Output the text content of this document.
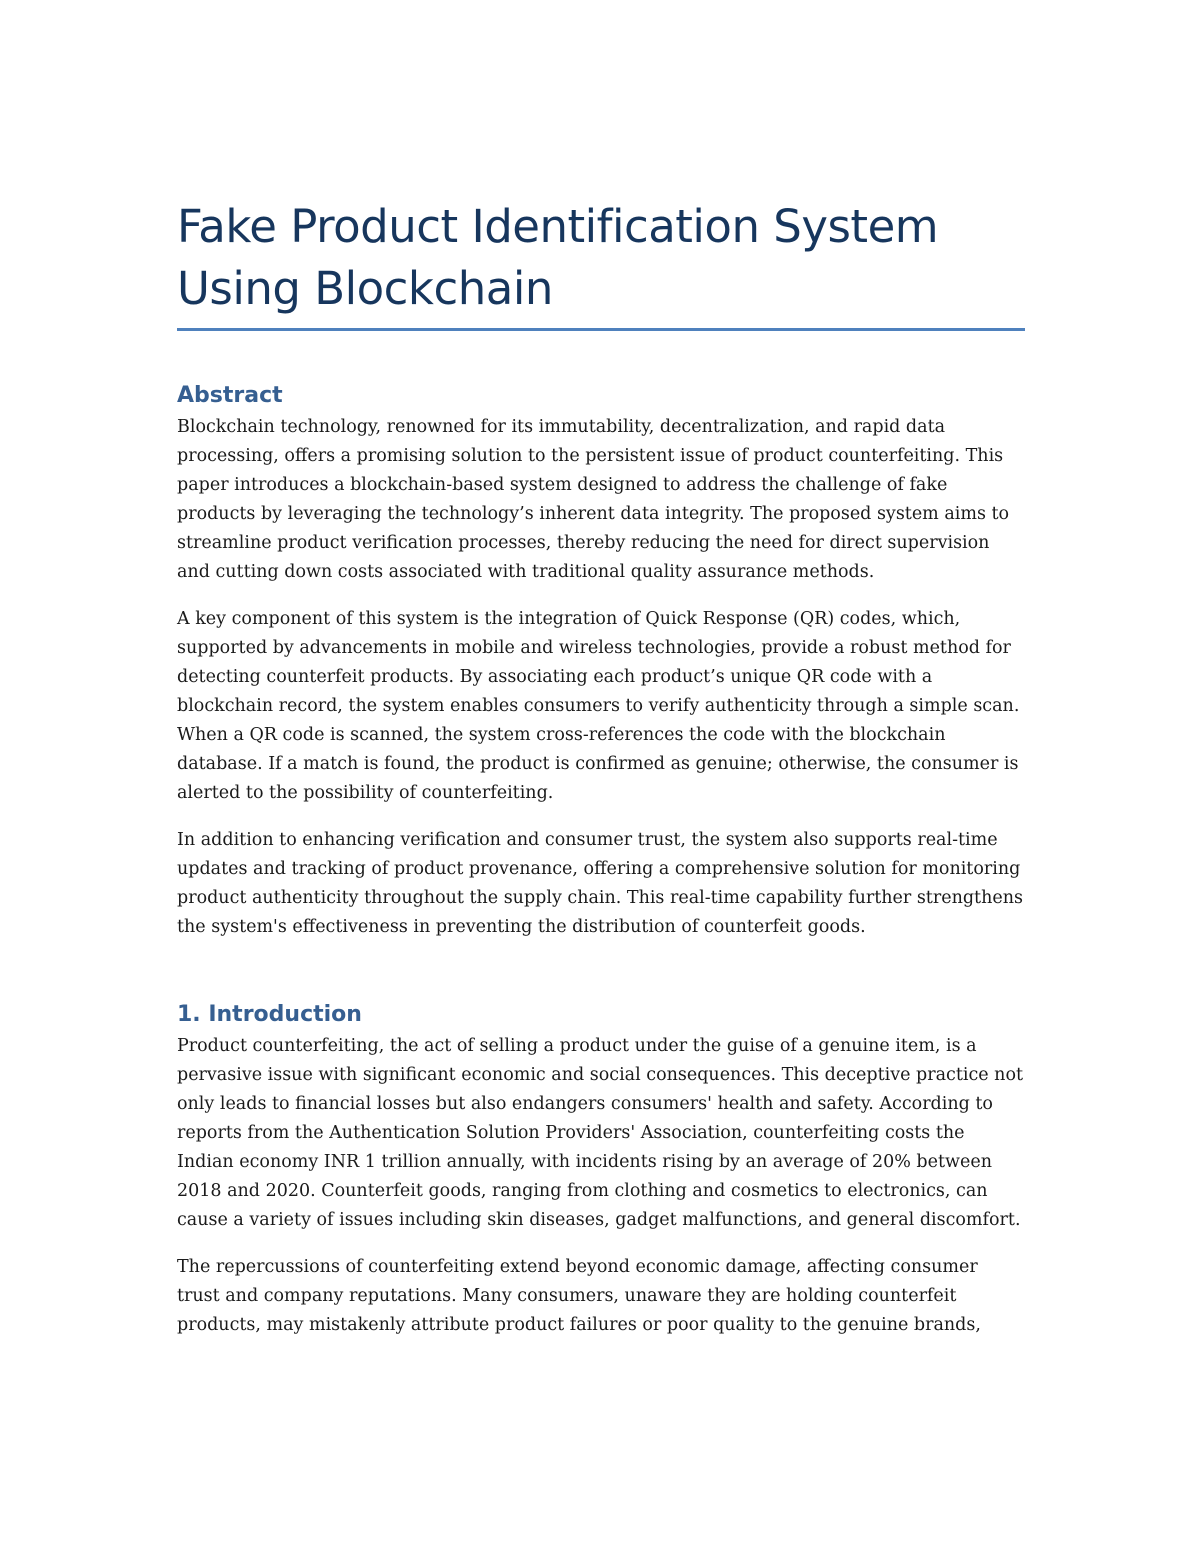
Fake Product Identification System Using Blockchain
Abstract

Blockchain technology, renowned for its immutability, decentralization, and rapid data processing, offers a promising solution to the persistent issue of product counterfeiting. This paper introduces a blockchain-based system designed to address the challenge of fake products by leveraging the technology’s inherent data integrity. The proposed system aims to streamline product verification processes, thereby reducing the need for direct supervision and cutting down costs associated with traditional quality assurance methods.

A key component of this system is the integration of Quick Response (QR) codes, which, supported by advancements in mobile and wireless technologies, provide a robust method for detecting counterfeit products. By associating each product’s unique QR code with a blockchain record, the system enables consumers to verify authenticity through a simple scan. When a QR code is scanned, the system cross-references the code with the blockchain database. If a match is found, the product is confirmed as genuine; otherwise, the consumer is alerted to the possibility of counterfeiting.

In addition to enhancing verification and consumer trust, the system also supports real-time updates and tracking of product provenance, offering a comprehensive solution for monitoring product authenticity throughout the supply chain. This real-time capability further strengthens the system's effectiveness in preventing the distribution of counterfeit goods.

1. Introduction

Product counterfeiting, the act of selling a product under the guise of a genuine item, is a pervasive issue with significant economic and social consequences. This deceptive practice not only leads to financial losses but also endangers consumers' health and safety. According to reports from the Authentication Solution Providers' Association, counterfeiting costs the Indian economy INR 1 trillion annually, with incidents rising by an average of 20% between 2018 and 2020. Counterfeit goods, ranging from clothing and cosmetics to electronics, can cause a variety of issues including skin diseases, gadget malfunctions, and general discomfort.

The repercussions of counterfeiting extend beyond economic damage, affecting consumer trust and company reputations. Many consumers, unaware they are holding counterfeit products, may mistakenly attribute product failures or poor quality to the genuine brands,
